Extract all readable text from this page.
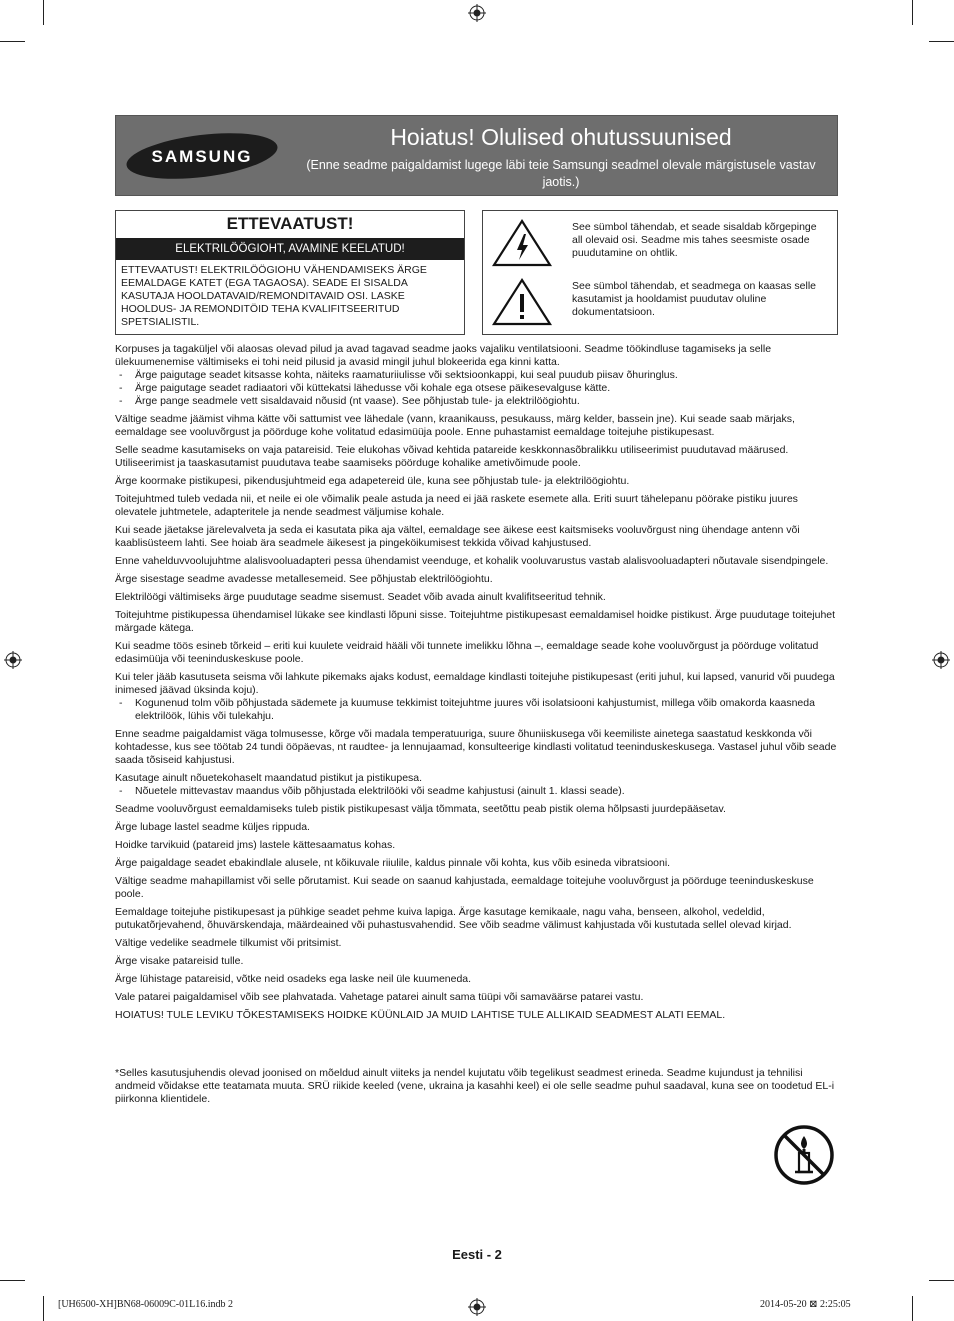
SAMSUNG
Hoiatus! Olulised ohutussuunised
(Enne seadme paigaldamist lugege läbi teie Samsungi seadmel olevale märgistusele vastav jaotis.)
ETTEVAATUST!
ELEKTRILÖÖGIOHT, AVAMINE KEELATUD!
ETTEVAATUST! ELEKTRILÖÖGIOHU VÄHENDAMISEKS ÄRGE EEMALDAGE KATET (EGA TAGAOSA). SEADE EI SISALDA KASUTAJA HOOLDATAVAID/REMONDITAVAID OSI. LASKE HOOLDUS- JA REMONDITÖID TEHA KVALIFITSEERITUD SPETSIALISTIL.
See sümbol tähendab, et seade sisaldab kõrgepinge all olevaid osi. Seadme mis tahes seesmiste osade puudutamine on ohtlik.
See sümbol tähendab, et seadmega on kaasas selle kasutamist ja hooldamist puudutav oluline dokumentatsioon.

Korpuses ja tagaküljel või alaosas olevad pilud ja avad tagavad seadme jaoks vajaliku ventilatsiooni. Seadme töökindluse tagamiseks ja selle ülekuumenemise vältimiseks ei tohi neid pilusid ja avasid mingil juhul blokeerida ega kinni katta.

- Ärge paigutage seadet kitsasse kohta, näiteks raamaturiiulisse või sektsioonkappi, kui seal puudub piisav õhuringlus.

- Ärge paigutage seadet radiaatori või küttekatsi lähedusse või kohale ega otsese päikesevalguse kätte.

- Ärge pange seadmele vett sisaldavaid nõusid (nt vaase). See põhjustab tule- ja elektrilöögiohtu.

Vältige seadme jäämist vihma kätte või sattumist vee lähedale (vann, kraanikauss, pesukauss, märg kelder, bassein jne). Kui seade saab märjaks, eemaldage see vooluvõrgust ja pöörduge kohe volitatud edasimüüja poole. Enne puhastamist eemaldage toitejuhe pistikupesast.

Selle seadme kasutamiseks on vaja patareisid. Teie elukohas võivad kehtida patareide keskkonnasõbralikku utiliseerimist puudutavad määrused. Utiliseerimist ja taaskasutamist puudutava teabe saamiseks pöörduge kohalike ametivõimude poole.

Ärge koormake pistikupesi, pikendusjuhtmeid ega adapetereid üle, kuna see põhjustab tule- ja elektrilöögiohtu.

Toitejuhtmed tuleb vedada nii, et neile ei ole võimalik peale astuda ja need ei jää raskete esemete alla. Eriti suurt tähelepanu pöörake pistiku juures olevatele juhtmetele, adapteritele ja nende seadmest väljumise kohale.

Kui seade jäetakse järelevalveta ja seda ei kasutata pika aja vältel, eemaldage see äikese eest kaitsmiseks vooluvõrgust ning ühendage antenn või kaablisüsteem lahti. See hoiab ära seadmele äikesest ja pingeköikumisest tekkida võivad kahjustused.

Enne vahelduvvoolujuhtme alalisvooluadapteri pessa ühendamist veenduge, et kohalik vooluvarustus vastab alalisvooluadapteri nõutavale sisendpingele.

Ärge sisestage seadme avadesse metallesemeid. See põhjustab elektrilöögiohtu.

Elektrilöögi vältimiseks ärge puudutage seadme sisemust. Seadet võib avada ainult kvalifitseeritud tehnik.

Toitejuhtme pistikupessa ühendamisel lükake see kindlasti lõpuni sisse. Toitejuhtme pistikupesast eemaldamisel hoidke pistikust. Ärge puudutage toitejuhet märgade kätega.

Kui seadme töös esineb tõrkeid – eriti kui kuulete veidraid hääli või tunnete imelikku lõhna –, eemaldage seade kohe vooluvõrgust ja pöörduge volitatud edasimüüja või teeninduskeskuse poole.

Kui teler jääb kasutuseta seisma või lahkute pikemaks ajaks kodust, eemaldage kindlasti toitejuhe pistikupesast (eriti juhul, kui lapsed, vanurid või puudega inimesed jäävad üksinda koju).

- Kogunenud tolm võib põhjustada sädemete ja kuumuse tekkimist toitejuhtme juures või isolatsiooni kahjustumist, millega võib omakorda kaasneda elektrilöök, lühis või tulekahju.

Enne seadme paigaldamist väga tolmusesse, kõrge või madala temperatuuriga, suure õhuniiskusega või keemiliste ainetega saastatud keskkonda või kohtadesse, kus see töötab 24 tundi ööpäevas, nt raudtee- ja lennujaamad, konsulteerige kindlasti volitatud teeninduskeskusega. Vastasel juhul võib seade saada tõsiseid kahjustusi.

Kasutage ainult nõuetekohaselt maandatud pistikut ja pistikupesa.

- Nõuetele mittevastav maandus võib põhjustada elektrilööki või seadme kahjustusi (ainult 1. klassi seade).

Seadme vooluvõrgust eemaldamiseks tuleb pistik pistikupesast välja tõmmata, seetõttu peab pistik olema hõlpsasti juurdepääsetav.

Ärge lubage lastel seadme küljes rippuda.

Hoidke tarvikuid (patareid jms) lastele kättesaamatus kohas.

Ärge paigaldage seadet ebakindlale alusele, nt kõikuvale riiulile, kaldus pinnale või kohta, kus võib esineda vibratsiooni.

Vältige seadme mahapillamist või selle põrutamist. Kui seade on saanud kahjustada, eemaldage toitejuhe vooluvõrgust ja pöörduge teeninduskeskuse poole.

Eemaldage toitejuhe pistikupesast ja pühkige seadet pehme kuiva lapiga. Ärge kasutage kemikaale, nagu vaha, benseen, alkohol, vedeldid, putukatõrjevahend, õhuvärskendaja, määrdeained või puhastusvahendid. See võib seadme välimust kahjustada või kustutada sellel olevad kirjad.

Vältige vedelike seadmele tilkumist või pritsimist.

Ärge visake patareisid tulle.

Ärge lühistage patareisid, võtke neid osadeks ega laske neil üle kuumeneda.

Vale patarei paigaldamisel võib see plahvatada. Vahetage patarei ainult sama tüüpi või samaväärse patarei vastu.

HOIATUS! TULE LEVIKU TÕKESTAMISEKS HOIDKE KÜÜNLAID JA MUID LAHTISE TULE ALLIKAID SEADMEST ALATI EEMAL.

*Selles kasutusjuhendis olevad joonised on mõeldud ainult viiteks ja nendel kujutatu võib tegelikust seadmest erineda. Seadme kujundust ja tehnilisi andmeid võidakse ette teatamata muuta. SRÜ riikide keeled (vene, ukraina ja kasahhi keel) ei ole selle seadme puhul saadaval, kuna see on toodetud EL-i piirkonna klientidele.
Eesti - 2
[UH6500-XH]BN68-06009C-01L16.indb 2	2014-05-20 ⊠ 2:25:05
